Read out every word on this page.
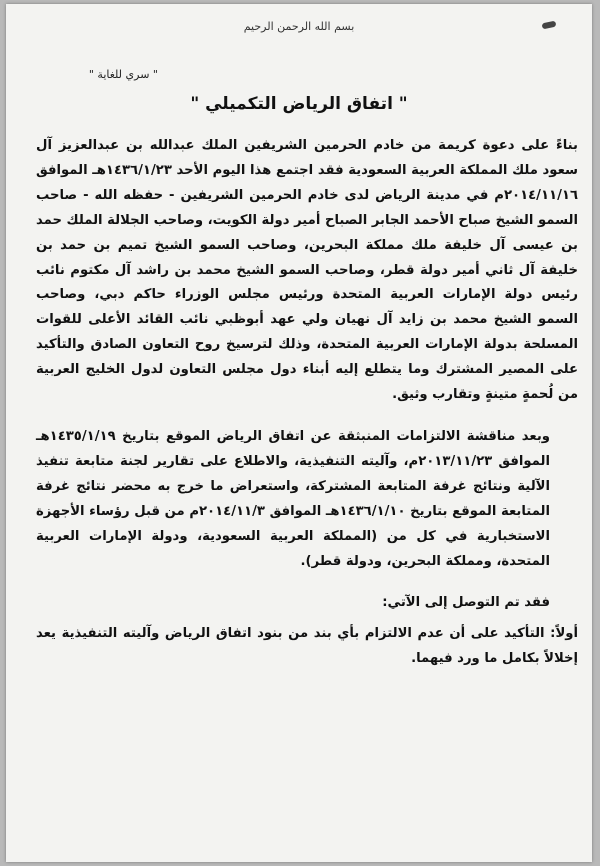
بسم الله الرحمن الرحيم
" سري للغاية "
" اتفاق الرياض التكميلي "

بناءً على دعوة كريمة من خادم الحرمين الشريفين الملك عبدالله بن عبدالعزيز آل سعود ملك المملكة العربية السعودية فقد اجتمع هذا اليوم الأحد ١٤٣٦/١/٢٣هـ الموافق ٢٠١٤/١١/١٦م في مدينة الرياض لدى خادم الحرمين الشريفين - حفظه الله - صاحب السمو الشيخ صباح الأحمد الجابر الصباح أمير دولة الكويت، وصاحب الجلالة الملك حمد بن عيسى آل خليفة ملك مملكة البحرين، وصاحب السمو الشيخ تميم بن حمد بن خليفة آل ثاني أمير دولة قطر، وصاحب السمو الشيخ محمد بن راشد آل مكتوم نائب رئيس دولة الإمارات العربية المتحدة ورئيس مجلس الوزراء حاكم دبي، وصاحب السمو الشيخ محمد بن زايد آل نهيان ولي عهد أبوظبي نائب القائد الأعلى للقوات المسلحة بدولة الإمارات العربية المتحدة، وذلك لترسيخ روح التعاون الصادق والتأكيد على المصير المشترك وما يتطلع إليه أبناء دول مجلس التعاون لدول الخليج العربية من لُحمةٍ متينةٍ وتقارب وثيق.

وبعد مناقشة الالتزامات المنبثقة عن اتفاق الرياض الموقع بتاريخ ١٤٣٥/١/١٩هـ الموافق ٢٠١٣/١١/٢٣م، وآليته التنفيذية، والاطلاع على تقارير لجنة متابعة تنفيذ الآلية ونتائج غرفة المتابعة المشتركة، واستعراض ما خرج به محضر نتائج غرفة المتابعة الموقع بتاريخ ١٤٣٦/١/١٠هـ الموافق ٢٠١٤/١١/٣م من قبل رؤساء الأجهزة الاستخبارية في كل من (المملكة العربية السعودية، ودولة الإمارات العربية المتحدة، ومملكة البحرين، ودولة قطر).

فقد تم التوصل إلى الآتي:

أولاً: التأكيد على أن عدم الالتزام بأي بند من بنود اتفاق الرياض وآليته التنفيذية يعد إخلالاً بكامل ما ورد فيهما.
